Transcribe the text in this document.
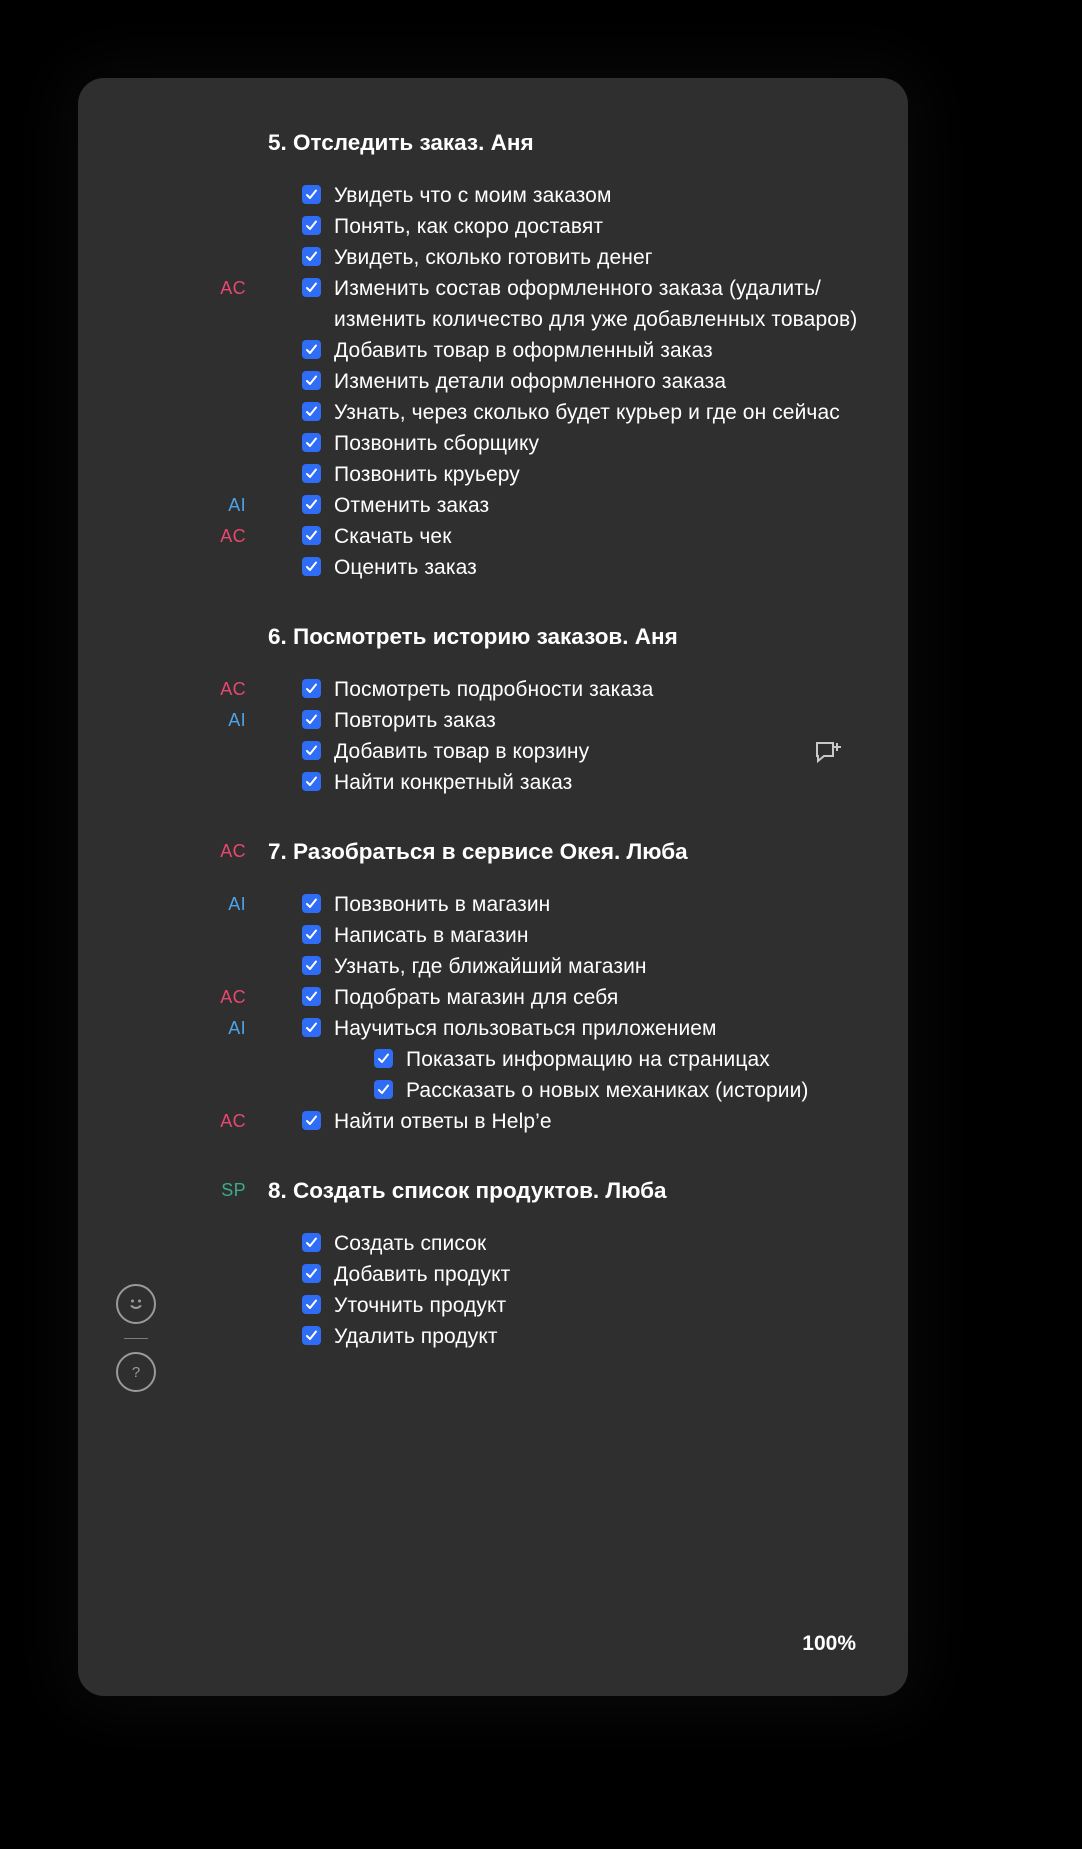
5. Отследить заказ. Аня
Увидеть что с моим заказом
Понять, как скоро доставят
Увидеть, сколько готовить денег
AC	Изменить состав оформленного заказа (удалить/изменить количество для уже добавленных товаров)
Добавить товар в оформленный заказ
Изменить детали оформленного заказа
Узнать, через сколько будет курьер и где он сейчас
Позвонить сборщику
Позвонить круьеру
AI	Отменить заказ
AC	Скачать чек
Оценить заказ
6. Посмотреть историю заказов. Аня
AC	Посмотреть подробности заказа
AI	Повторить заказ
Добавить товар в корзину
Найти конкретный заказ
AC 7. Разобраться в сервисе Окея. Люба
AI	Повзвонить в магазин
Написать в магазин
Узнать, где ближайший магазин
AC	Подобрать магазин для себя
AI	Научиться пользоваться приложением
Показать информацию на страницах
Рассказать о новых механиках (истории)
AC	Найти ответы в Help’е
SP 8. Создать список продуктов. Люба
Создать список
Добавить продукт
Уточнить продукт
Удалить продукт
?
100%
